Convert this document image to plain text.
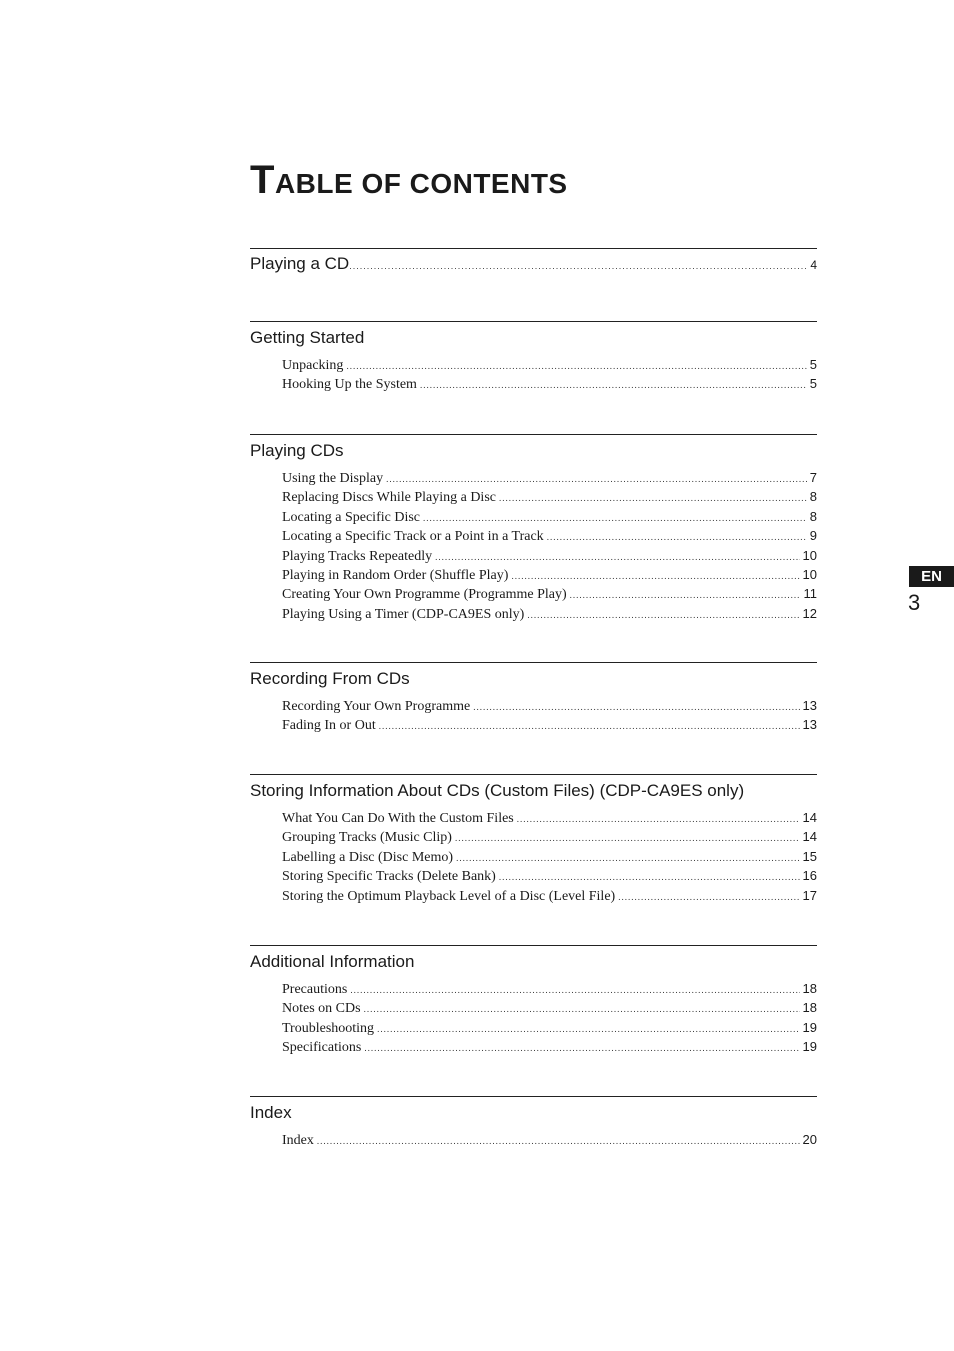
TABLE OF CONTENTS
Playing a CD .....	4
Getting Started
Unpacking .....	5
Hooking Up the System .....	5
Playing CDs
Using the Display .....	7
Replacing Discs While Playing a Disc .....	8
Locating a Specific Disc .....	8
Locating a Specific Track or a Point in a Track .....	9
Playing Tracks Repeatedly .....	10
Playing in Random Order (Shuffle Play) .....	10
Creating Your Own Programme (Programme Play) .....	11
Playing Using a Timer (CDP-CA9ES only) .....	12
Recording From CDs
Recording Your Own Programme .....	13
Fading In or Out .....	13
Storing Information About CDs (Custom Files) (CDP-CA9ES only)
What You Can Do With the Custom Files .....	14
Grouping Tracks (Music Clip) .....	14
Labelling a Disc (Disc Memo) .....	15
Storing Specific Tracks (Delete Bank) .....	16
Storing the Optimum Playback Level of a Disc (Level File) .....	17
Additional Information
Precautions .....	18
Notes on CDs .....	18
Troubleshooting .....	19
Specifications .....	19
Index
Index .....	20
EN
3
